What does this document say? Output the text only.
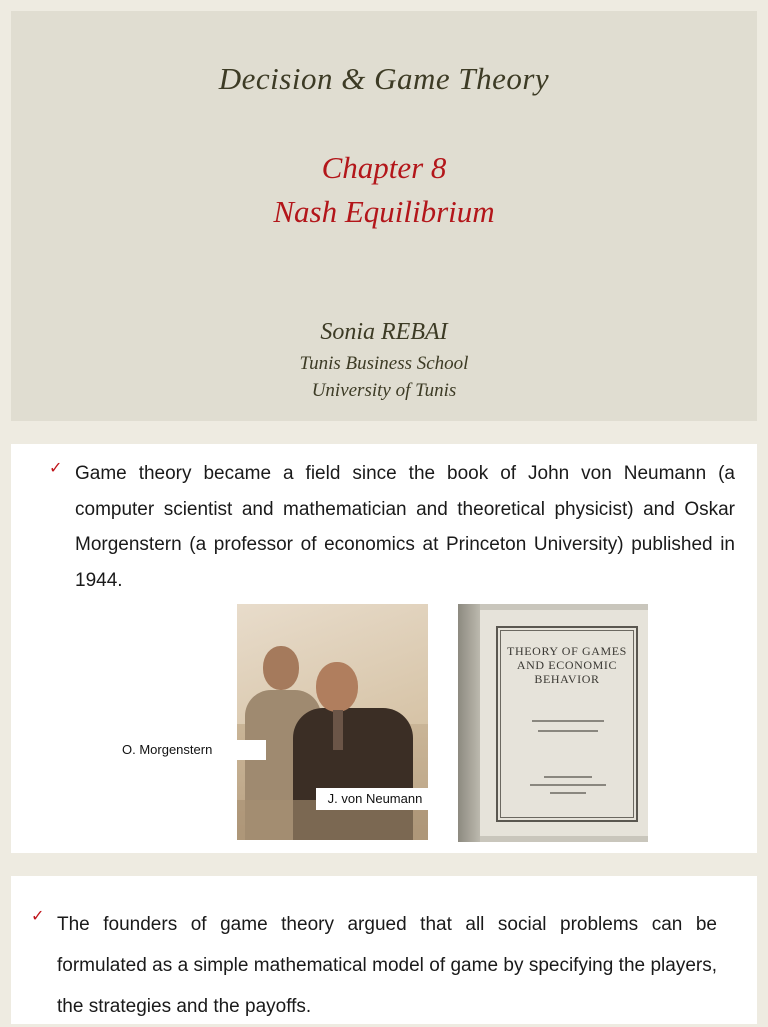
Decision & Game Theory
Chapter 8
Nash Equilibrium
Sonia REBAI
Tunis Business School
University of Tunis
✓ Game theory became a field since the book of John von Neumann (a computer scientist and mathematician and theoretical physicist) and Oskar Morgenstern (a professor of economics at Princeton University) published in 1944.
O. Morgenstern
J. von Neumann
THEORY OF GAMES AND ECONOMIC BEHAVIOR
✓ The founders of game theory argued that all social problems can be formulated as a simple mathematical model of game by specifying the players, the strategies and the payoffs.
